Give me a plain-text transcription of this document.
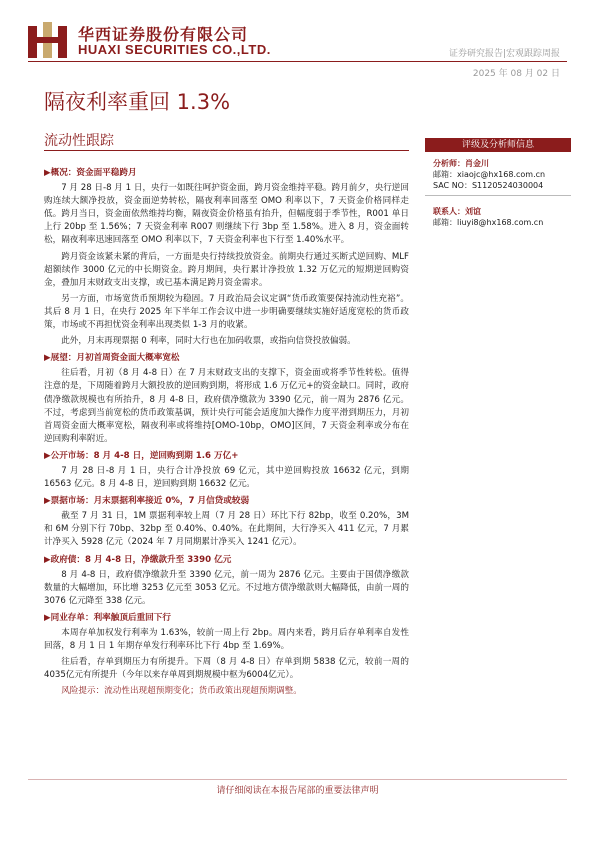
华西证券股份有限公司
HUAXI SECURITIES CO.,LTD.	证券研究报告|宏观跟踪周报
2025 年 08 月 02 日
隔夜利率重回 1.3%
流动性跟踪	评级及分析师信息
分析师：肖金川
邮箱：xiaojc@hx168.com.cn
SAC NO：S1120524030004
联系人：刘谊
邮箱：liuyi8@hx168.com.cn
▶概况：资金面平稳跨月

7 月 28 日-8 月 1 日，央行一如既往呵护资金面，跨月资金维持平稳。跨月前夕，央行逆回购连续大额净投放，资金面逆势转松，隔夜利率回落至 OMO 利率以下，7 天资金价格同样走低。跨月当日，资金面依然维持均衡，隔夜资金价格虽有抬升，但幅度弱于季节性，R001 单日上行 20bp 至 1.56%；7 天资金利率 R007 则继续下行 3bp 至 1.58%。进入 8 月，资金面转松，隔夜利率迅速回落至 OMO 利率以下，7 天资金利率也下行至 1.40%水平。

跨月资金该紧未紧的背后，一方面是央行持续投放资金。前期央行通过买断式逆回购、MLF 超额续作 3000 亿元的中长期资金。跨月期间，央行累计净投放 1.32 万亿元的短期逆回购资金，叠加月末财政支出支撑，或已基本满足跨月资金需求。

另一方面，市场宽货币预期较为稳固。7 月政治局会议定调“货币政策要保持流动性充裕”。其后 8 月 1 日，在央行 2025 年下半年工作会议中进一步明确要继续实施好适度宽松的货币政策，市场或不再担忧资金利率出现类似 1-3 月的收紧。

此外，月末再现票据 0 利率，同时大行也在加码收票，或指向信贷投放偏弱。

▶展望：月初首周资金面大概率宽松

往后看，月初（8 月 4-8 日）在 7 月末财政支出的支撑下，资金面或将季节性转松。值得注意的是，下周随着跨月大额投放的逆回购到期，将形成 1.6 万亿元+的资金缺口。同时，政府债净缴款规模也有所抬升，8 月 4-8 日，政府债净缴款为 3390 亿元，前一周为 2876 亿元。不过，考虑到当前宽松的货币政策基调，预计央行可能会适度加大操作力度平滑到期压力，月初首周资金面大概率宽松，隔夜利率或将维持[OMO-10bp，OMO]区间，7 天资金利率或分布在逆回购利率附近。

▶公开市场：8 月 4-8 日，逆回购到期 1.6 万亿+

7 月 28 日-8 月 1 日，央行合计净投放 69 亿元，其中逆回购投放 16632 亿元，到期 16563 亿元。8 月 4-8 日，逆回购到期 16632 亿元。

▶票据市场：月末票据利率接近 0%，7 月信贷或较弱

截至 7 月 31 日，1M 票据利率较上周（7 月 28 日）环比下行 82bp，收至 0.20%，3M 和 6M 分别下行 70bp、32bp 至 0.40%、0.40%。在此期间，大行净买入 411 亿元，7 月累计净买入 5928 亿元（2024 年 7 月同期累计净买入 1241 亿元）。

▶政府债：8 月 4-8 日，净缴款升至 3390 亿元

8 月 4-8 日，政府债净缴款升至 3390 亿元，前一周为 2876 亿元。主要由于国债净缴款数量的大幅增加，环比增 3253 亿元至 3053 亿元。不过地方债净缴款则大幅降低，由前一周的 3076 亿元降至 338 亿元。

▶同业存单：利率触顶后重回下行

本周存单加权发行利率为 1.63%，较前一周上行 2bp。周内来看，跨月后存单利率自发性回落，8 月 1 日 1 年期存单发行利率环比下行 4bp 至 1.69%。

往后看，存单到期压力有所提升。下周（8 月 4-8 日）存单到期 5838 亿元，较前一周的4035亿元有所提升（今年以来存单周到期规模中枢为6004亿元）。

风险提示：流动性出现超预期变化；货币政策出现超预期调整。

请仔细阅读在本报告尾部的重要法律声明
